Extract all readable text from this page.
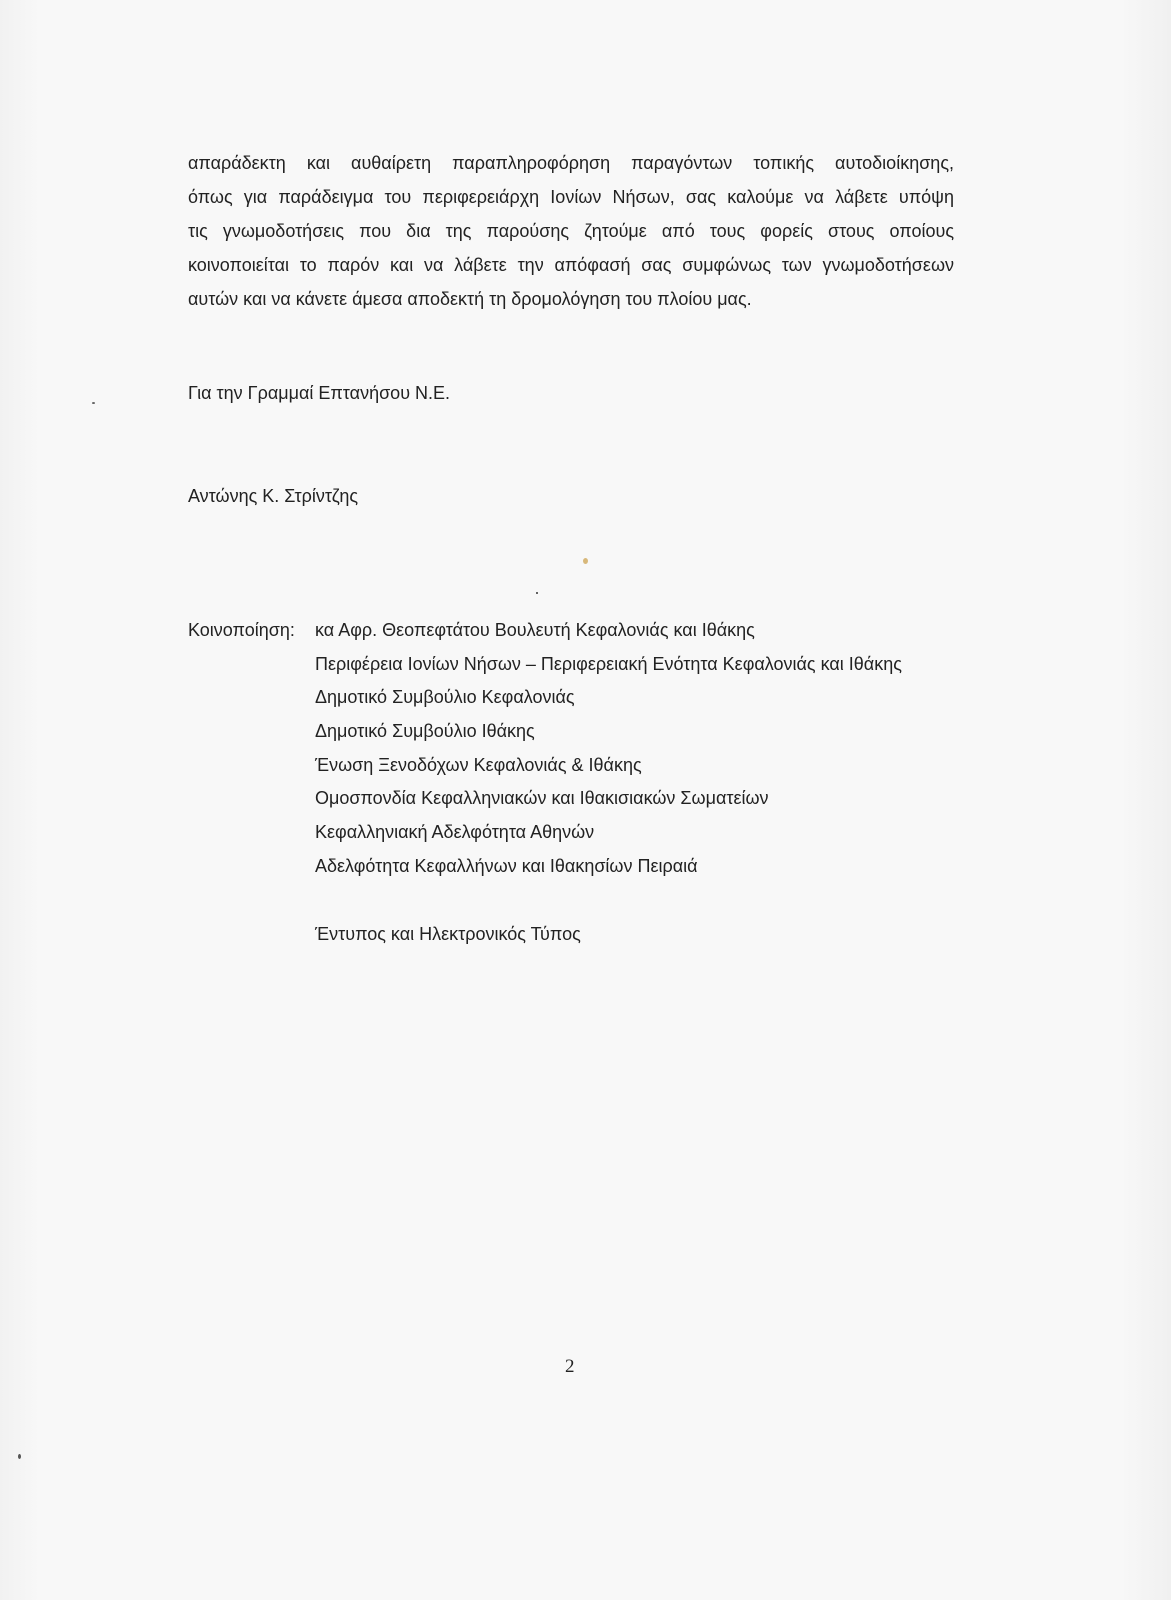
απαράδεκτη και αυθαίρετη παραπληροφόρηση παραγόντων τοπικής αυτοδιοίκησης,
όπως για παράδειγμα του περιφερειάρχη Ιονίων Νήσων, σας καλούμε να λάβετε υπόψη
τις γνωμοδοτήσεις που δια της παρούσης ζητούμε από τους φορείς στους οποίους
κοινοποιείται το παρόν και να λάβετε την απόφασή σας συμφώνως των γνωμοδοτήσεων
αυτών και να κάνετε άμεσα αποδεκτή τη δρομολόγηση του πλοίου μας.
Για την Γραμμαί Επτανήσου Ν.Ε.
Αντώνης Κ. Στρίντζης
Κοινοποίηση: κα Αφρ. Θεοπεφτάτου Βουλευτή Κεφαλονιάς και Ιθάκης
Περιφέρεια Ιονίων Νήσων – Περιφερειακή Ενότητα Κεφαλονιάς και Ιθάκης
Δημοτικό Συμβούλιο Κεφαλονιάς
Δημοτικό Συμβούλιο Ιθάκης
Ένωση Ξενοδόχων Κεφαλονιάς & Ιθάκης
Ομοσπονδία Κεφαλληνιακών και Ιθακισιακών Σωματείων
Κεφαλληνιακή Αδελφότητα Αθηνών
Αδελφότητα Κεφαλλήνων και Ιθακησίων Πειραιά
Έντυπος και Ηλεκτρονικός Τύπος
2
